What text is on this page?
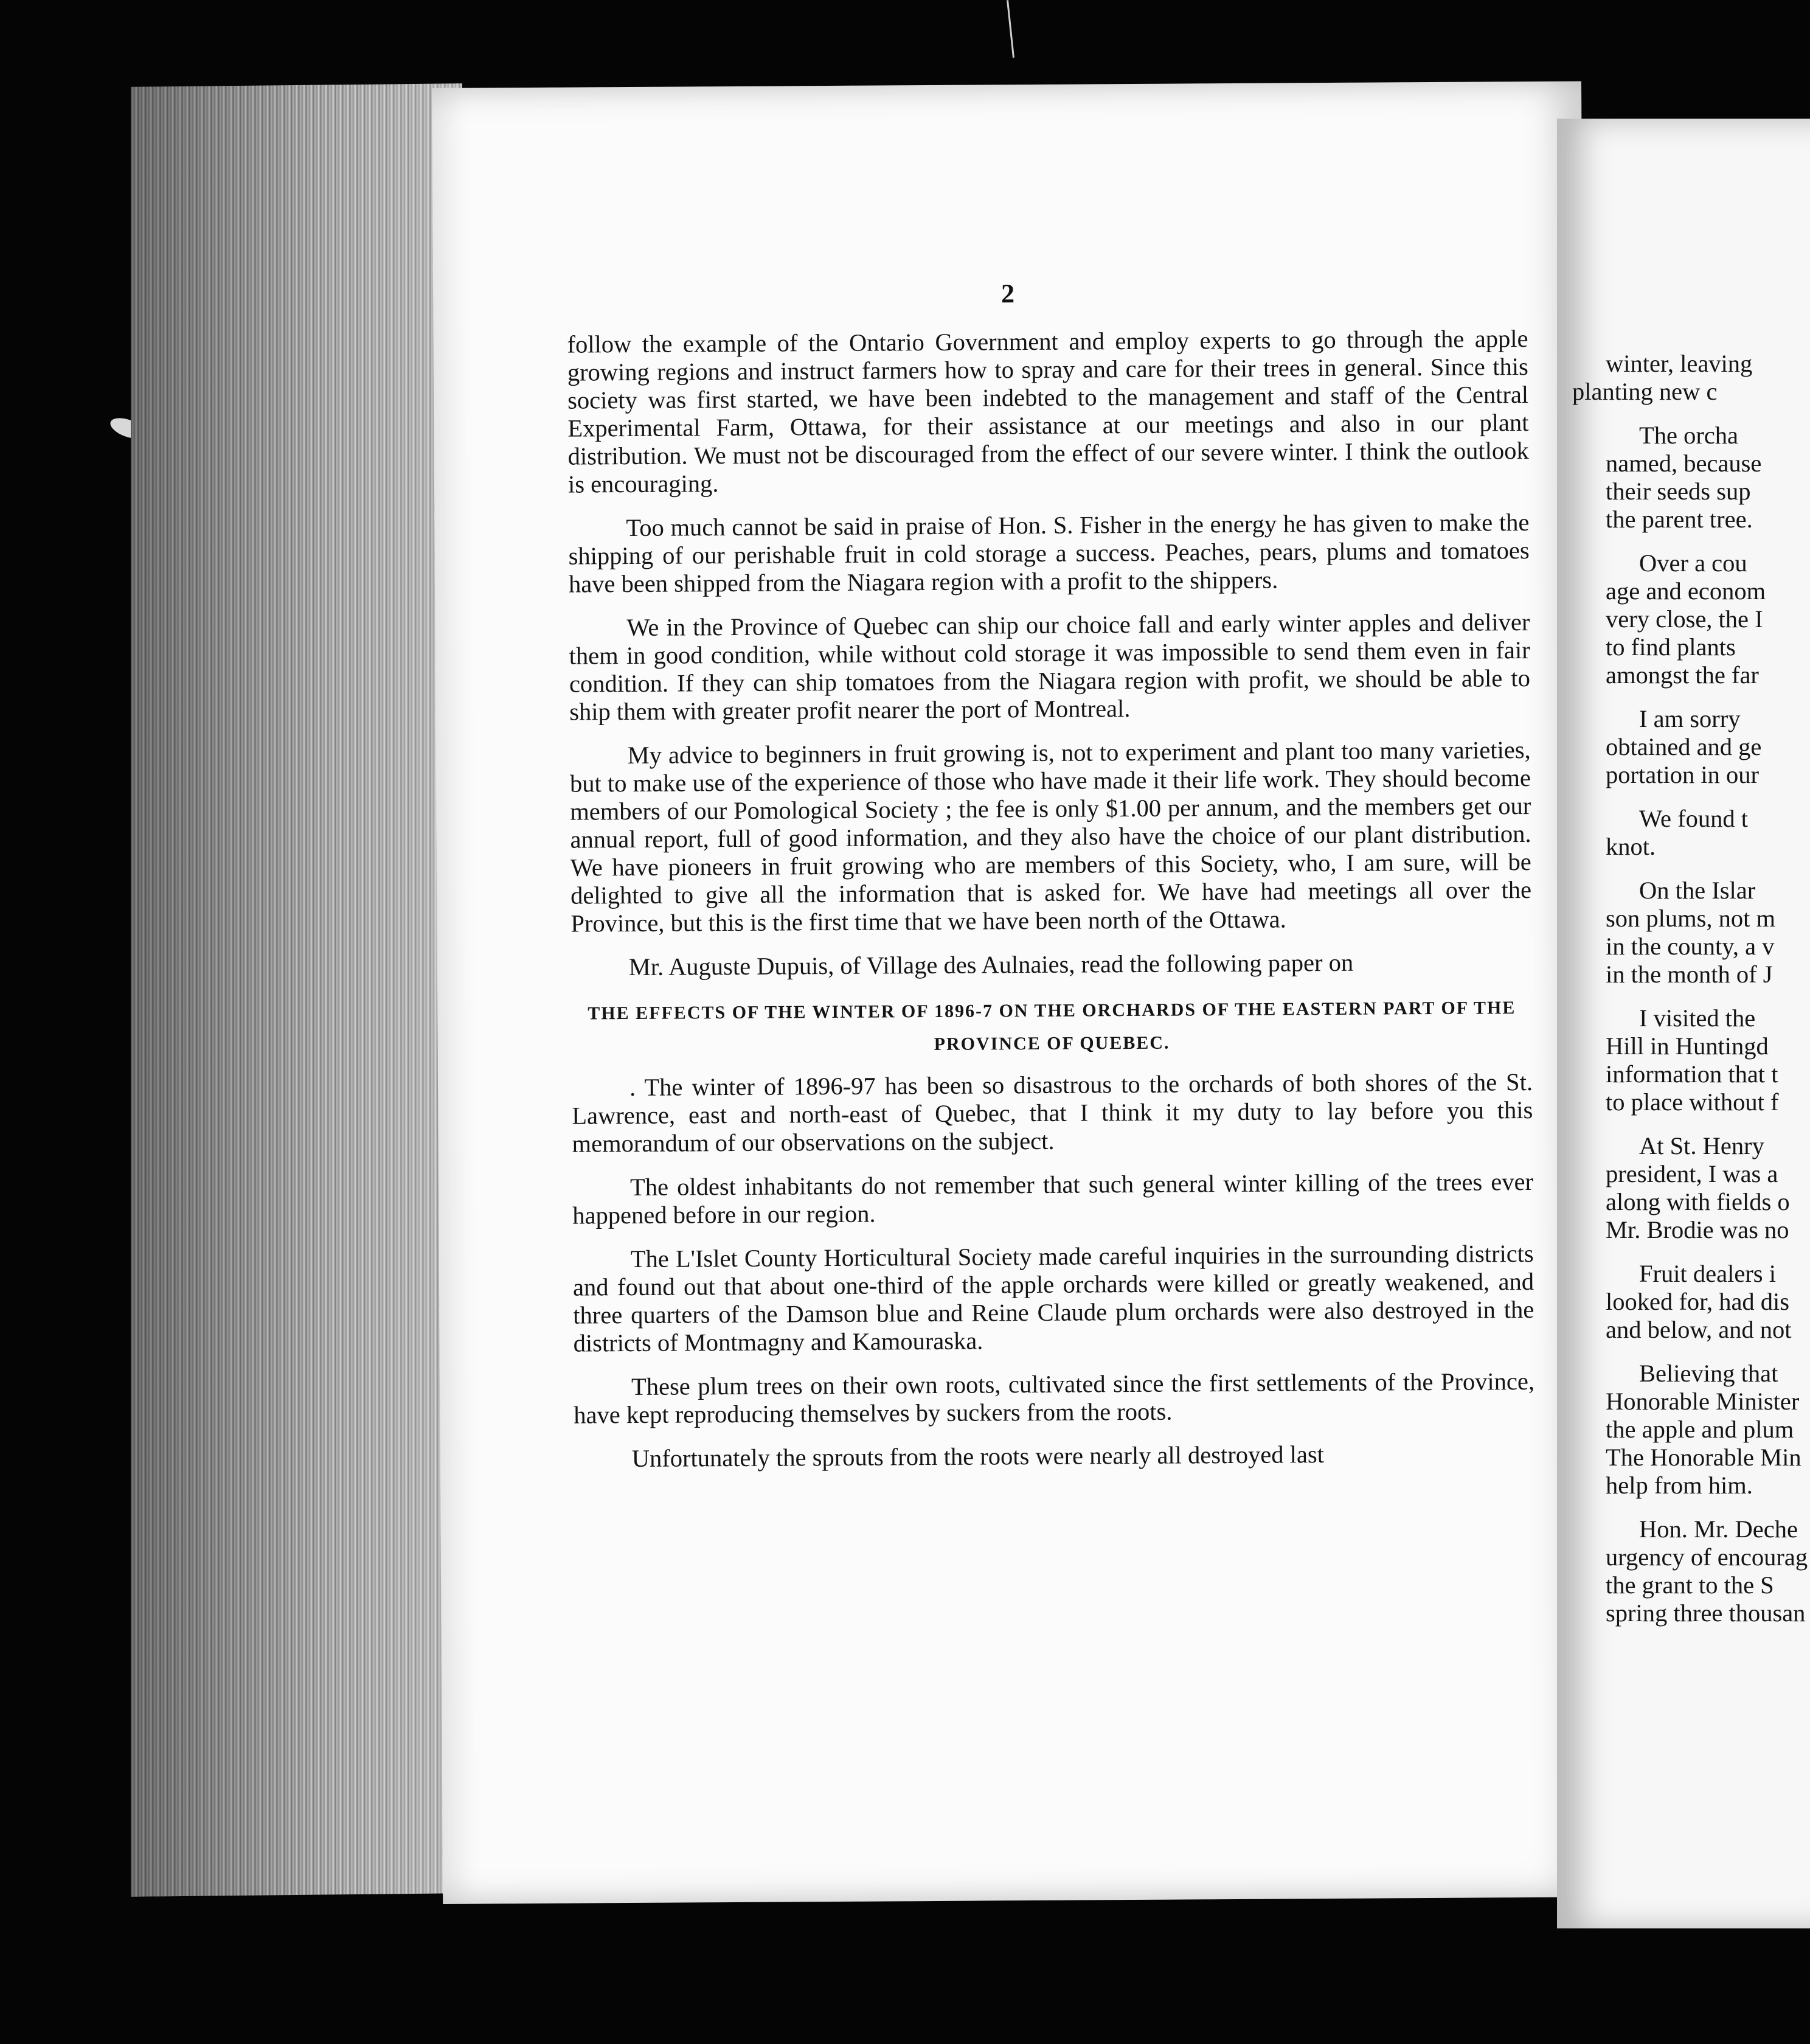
2

follow the example of the Ontario Government and employ experts to go through the apple growing regions and instruct farmers how to spray and care for their trees in general. Since this society was first started, we have been indebted to the management and staff of the Central Experimental Farm, Ottawa, for their assistance at our meetings and also in our plant distribution. We must not be discouraged from the effect of our severe winter. I think the outlook is encouraging.

Too much cannot be said in praise of Hon. S. Fisher in the energy he has given to make the shipping of our perishable fruit in cold storage a success. Peaches, pears, plums and tomatoes have been shipped from the Niagara region with a profit to the shippers.

We in the Province of Quebec can ship our choice fall and early winter apples and deliver them in good condition, while without cold storage it was impossible to send them even in fair condition. If they can ship tomatoes from the Niagara region with profit, we should be able to ship them with greater profit nearer the port of Montreal.

My advice to beginners in fruit growing is, not to experiment and plant too many varieties, but to make use of the experience of those who have made it their life work. They should become members of our Pomological Society ; the fee is only $1.00 per annum, and the members get our annual report, full of good information, and they also have the choice of our plant distribution. We have pioneers in fruit growing who are members of this Society, who, I am sure, will be delighted to give all the information that is asked for. We have had meetings all over the Province, but this is the first time that we have been north of the Ottawa.

Mr. Auguste Dupuis, of Village des Aulnaies, read the following paper on

THE EFFECTS OF THE WINTER OF 1896-7 ON THE ORCHARDS OF THE EASTERN PART OF THE PROVINCE OF QUEBEC.

. The winter of 1896-97 has been so disastrous to the orchards of both shores of the St. Lawrence, east and north-east of Quebec, that I think it my duty to lay before you this memorandum of our observations on the subject.

The oldest inhabitants do not remember that such general winter killing of the trees ever happened before in our region.

The L'Islet County Horticultural Society made careful inquiries in the surrounding districts and found out that about one-third of the apple orchards were killed or greatly weakened, and three quarters of the Damson blue and Reine Claude plum orchards were also destroyed in the districts of Montmagny and Kamouraska.

These plum trees on their own roots, cultivated since the first settlements of the Province, have kept reproducing themselves by suckers from the roots.

Unfortunately the sprouts from the roots were nearly all destroyed last

winter, leaving
planting new c

The orcha
named, because
their seeds sup
the parent tree.

Over a cou
age and econom
very close, the I
to find plants
amongst the far

I am sorry
obtained and ge
portation in our

We found t
knot.

On the Islar
son plums, not m
in the county, a v
in the month of J

I visited the
Hill in Huntingd
information that t
to place without f

At St. Henry
president, I was a
along with fields o
Mr. Brodie was no

Fruit dealers i
looked for, had dis
and below, and not

Believing that
Honorable Minister
the apple and plum
The Honorable Min
help from him.

Hon. Mr. Deche
urgency of encourag
the grant to the S
spring three thousan
